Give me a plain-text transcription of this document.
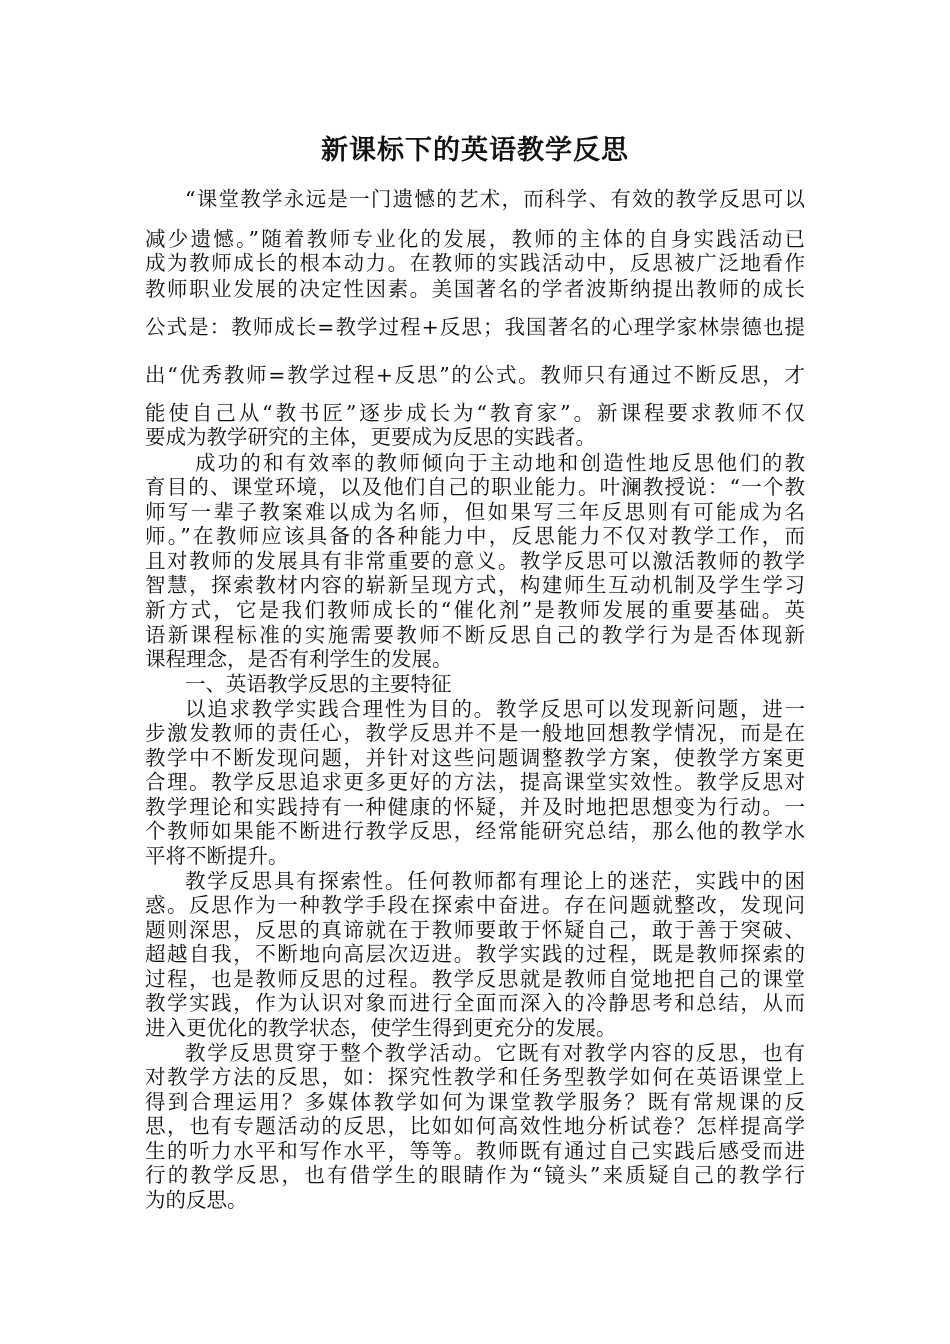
新课标下的英语教学反思

“课堂教学永远是一门遗憾的艺术，而科学、有效的教学反思可以

减少遗憾。”随着教师专业化的发展，教师的主体的自身实践活动已

成为教师成长的根本动力。在教师的实践活动中，反思被广泛地看作

教师职业发展的决定性因素。美国著名的学者波斯纳提出教师的成长

公式是：教师成长=教学过程+反思；我国著名的心理学家林崇德也提

出“优秀教师=教学过程+反思”的公式。教师只有通过不断反思，才

能使自己从“教书匠”逐步成长为“教育家”。新课程要求教师不仅

要成为教学研究的主体，更要成为反思的实践者。

成功的和有效率的教师倾向于主动地和创造性地反思他们的教

育目的、课堂环境，以及他们自己的职业能力。叶澜教授说：“一个教

师写一辈子教案难以成为名师，但如果写三年反思则有可能成为名

师。”在教师应该具备的各种能力中，反思能力不仅对教学工作，而

且对教师的发展具有非常重要的意义。教学反思可以激活教师的教学

智慧，探索教材内容的崭新呈现方式，构建师生互动机制及学生学习

新方式，它是我们教师成长的“催化剂”是教师发展的重要基础。英

语新课程标准的实施需要教师不断反思自己的教学行为是否体现新

课程理念，是否有利学生的发展。

一、英语教学反思的主要特征

以追求教学实践合理性为目的。教学反思可以发现新问题，进一

步激发教师的责任心，教学反思并不是一般地回想教学情况，而是在

教学中不断发现问题，并针对这些问题调整教学方案，使教学方案更

合理。教学反思追求更多更好的方法，提高课堂实效性。教学反思对

教学理论和实践持有一种健康的怀疑，并及时地把思想变为行动。一

个教师如果能不断进行教学反思，经常能研究总结，那么他的教学水

平将不断提升。

教学反思具有探索性。任何教师都有理论上的迷茫，实践中的困

惑。反思作为一种教学手段在探索中奋进。存在问题就整改，发现问

题则深思，反思的真谛就在于教师要敢于怀疑自己，敢于善于突破、

超越自我，不断地向高层次迈进。教学实践的过程，既是教师探索的

过程，也是教师反思的过程。教学反思就是教师自觉地把自己的课堂

教学实践，作为认识对象而进行全面而深入的冷静思考和总结，从而

进入更优化的教学状态，使学生得到更充分的发展。

教学反思贯穿于整个教学活动。它既有对教学内容的反思，也有

对教学方法的反思，如：探究性教学和任务型教学如何在英语课堂上

得到合理运用？多媒体教学如何为课堂教学服务？既有常规课的反

思，也有专题活动的反思，比如如何高效性地分析试卷？怎样提高学

生的听力水平和写作水平，等等。教师既有通过自己实践后感受而进

行的教学反思，也有借学生的眼睛作为“镜头”来质疑自己的教学行

为的反思。
